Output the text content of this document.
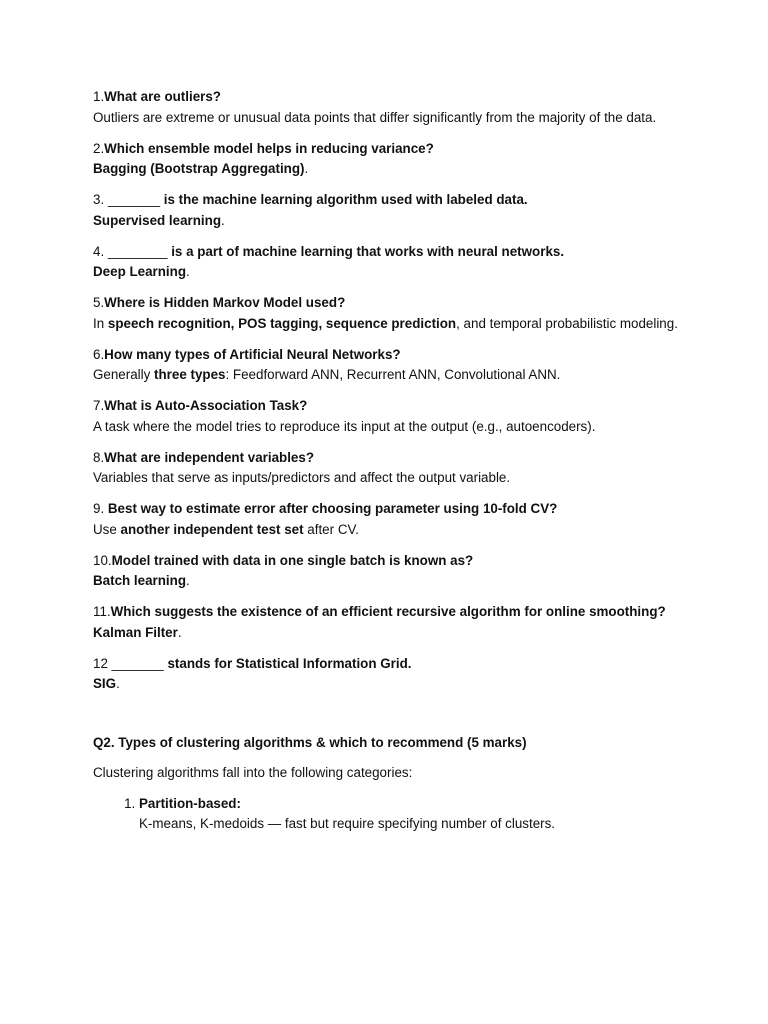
1.What are outliers?

Outliers are extreme or unusual data points that differ significantly from the majority of the data.

2.Which ensemble model helps in reducing variance?

Bagging (Bootstrap Aggregating).

3. _______ is the machine learning algorithm used with labeled data.

Supervised learning.

4. ________ is a part of machine learning that works with neural networks.

Deep Learning.

5.Where is Hidden Markov Model used?

In speech recognition, POS tagging, sequence prediction, and temporal probabilistic modeling.

6.How many types of Artificial Neural Networks?

Generally three types: Feedforward ANN, Recurrent ANN, Convolutional ANN.

7.What is Auto-Association Task?

A task where the model tries to reproduce its input at the output (e.g., autoencoders).

8.What are independent variables?

Variables that serve as inputs/predictors and affect the output variable.

9. Best way to estimate error after choosing parameter using 10-fold CV?

Use another independent test set after CV.

10.Model trained with data in one single batch is known as?

Batch learning.

11.Which suggests the existence of an efficient recursive algorithm for online smoothing?

Kalman Filter.

12 _______ stands for Statistical Information Grid.

SIG.

Q2. Types of clustering algorithms & which to recommend (5 marks)

Clustering algorithms fall into the following categories:

1. Partition-based:
K-means, K-medoids — fast but require specifying number of clusters.
